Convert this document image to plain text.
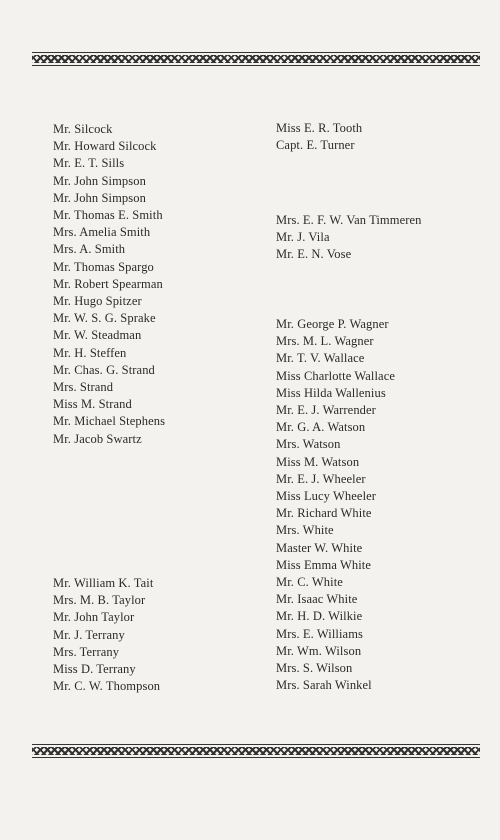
Mr. Silcock
Mr. Howard Silcock
Mr. E. T. Sills
Mr. John Simpson
Mr. John Simpson
Mr. Thomas E. Smith
Mrs. Amelia Smith
Mrs. A. Smith
Mr. Thomas Spargo
Mr. Robert Spearman
Mr. Hugo Spitzer
Mr. W. S. G. Sprake
Mr. W. Steadman
Mr. H. Steffen
Mr. Chas. G. Strand
Mrs. Strand
Miss M. Strand
Mr. Michael Stephens
Mr. Jacob Swartz
Mr. William K. Tait
Mrs. M. B. Taylor
Mr. John Taylor
Mr. J. Terrany
Mrs. Terrany
Miss D. Terrany
Mr. C. W. Thompson
Miss E. R. Tooth
Capt. E. Turner
Mrs. E. F. W. Van Timmeren
Mr. J. Vila
Mr. E. N. Vose
Mr. George P. Wagner
Mrs. M. L. Wagner
Mr. T. V. Wallace
Miss Charlotte Wallace
Miss Hilda Wallenius
Mr. E. J. Warrender
Mr. G. A. Watson
Mrs. Watson
Miss M. Watson
Mr. E. J. Wheeler
Miss Lucy Wheeler
Mr. Richard White
Mrs. White
Master W. White
Miss Emma White
Mr. C. White
Mr. Isaac White
Mr. H. D. Wilkie
Mrs. E. Williams
Mr. Wm. Wilson
Mrs. S. Wilson
Mrs. Sarah Winkel
